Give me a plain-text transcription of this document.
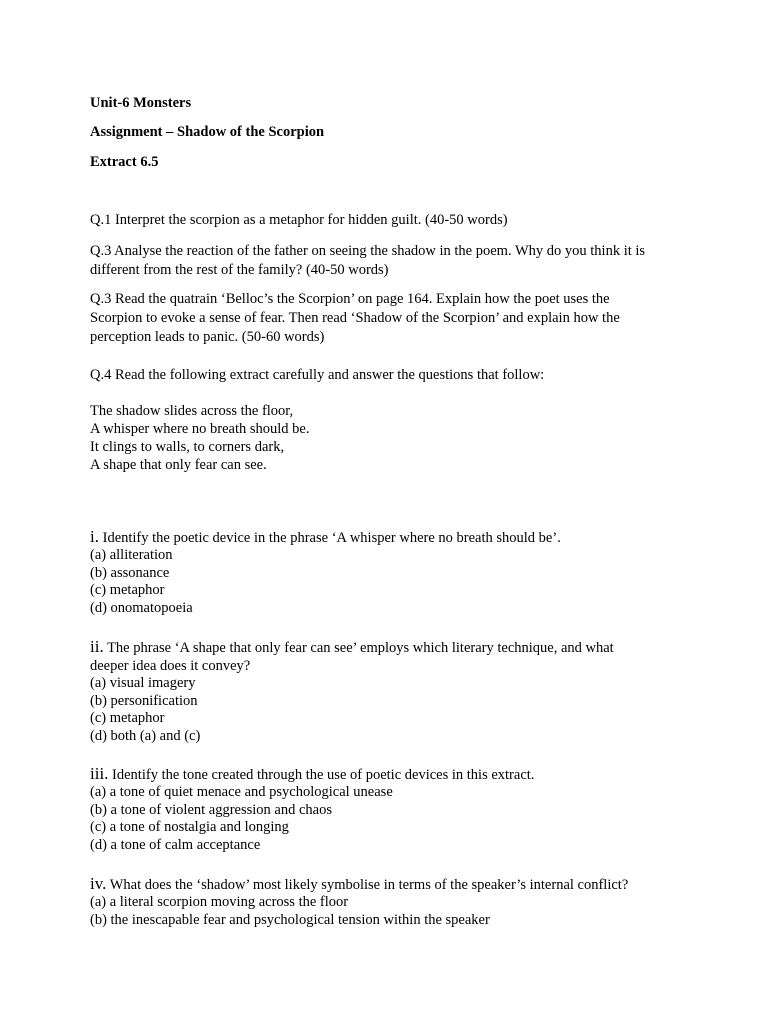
Unit-6 Monsters
Assignment – Shadow of the Scorpion
Extract 6.5
Q.1 Interpret the scorpion as a metaphor for hidden guilt. (40-50 words)
Q.3 Analyse the reaction of the father on seeing the shadow in the poem. Why do you think it is
different from the rest of the family? (40-50 words)
Q.3 Read the quatrain ‘Belloc’s the Scorpion’ on page 164. Explain how the poet uses the
Scorpion to evoke a sense of fear. Then read ‘Shadow of the Scorpion’ and explain how the
perception leads to panic. (50-60 words)
Q.4 Read the following extract carefully and answer the questions that follow:
The shadow slides across the floor,
A whisper where no breath should be.
It clings to walls, to corners dark,
A shape that only fear can see.
i. Identify the poetic device in the phrase ‘A whisper where no breath should be’.
(a) alliteration
(b) assonance
(c) metaphor
(d) onomatopoeia
ii. The phrase ‘A shape that only fear can see’ employs which literary technique, and what
deeper idea does it convey?
(a) visual imagery
(b) personification
(c) metaphor
(d) both (a) and (c)
iii. Identify the tone created through the use of poetic devices in this extract.
(a) a tone of quiet menace and psychological unease
(b) a tone of violent aggression and chaos
(c) a tone of nostalgia and longing
(d) a tone of calm acceptance
iv. What does the ‘shadow’ most likely symbolise in terms of the speaker’s internal conflict?
(a) a literal scorpion moving across the floor
(b) the inescapable fear and psychological tension within the speaker
